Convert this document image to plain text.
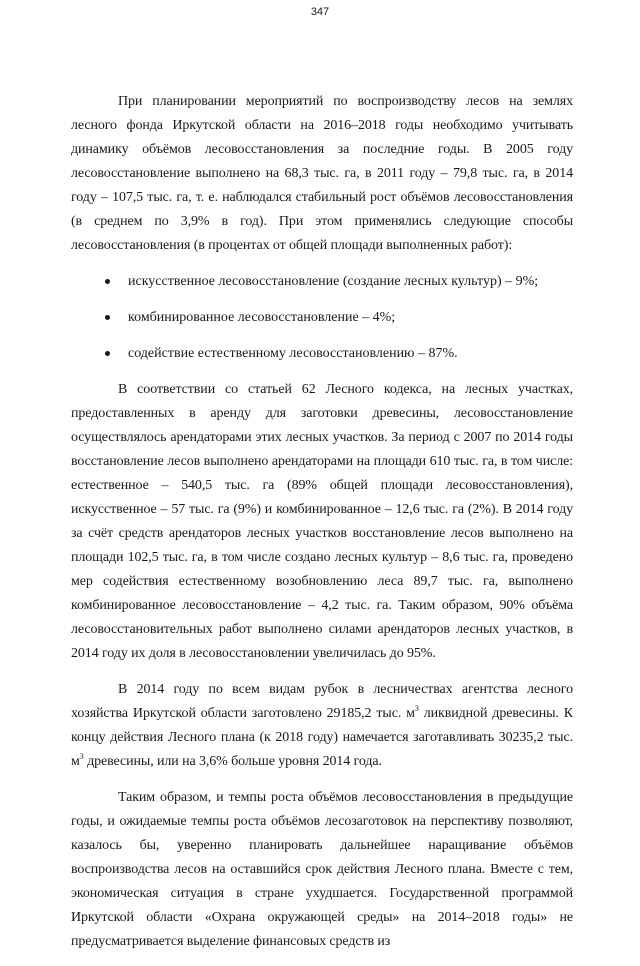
347

При планировании мероприятий по воспроизводству лесов на землях лесного фонда Иркутской области на 2016–2018 годы необходимо учитывать динамику объёмов лесовосстановления за последние годы. В 2005 году лесовосстановление выполнено на 68,3 тыс. га, в 2011 году – 79,8 тыс. га, в 2014 году – 107,5 тыс. га, т. е. наблюдался стабильный рост объёмов лесовосстановления (в среднем по 3,9% в год). При этом применялись следующие способы лесовосстановления (в процентах от общей площади выполненных работ):

искусственное лесовосстановление (создание лесных культур) – 9%;
комбинированное лесовосстановление – 4%;
содействие естественному лесовосстановлению – 87%.

В соответствии со статьей 62 Лесного кодекса, на лесных участках, предоставленных в аренду для заготовки древесины, лесовосстановление осуществлялось арендаторами этих лесных участков. За период с 2007 по 2014 годы восстановление лесов выполнено арендаторами на площади 610 тыс. га, в том числе: естественное – 540,5 тыс. га (89% общей площади лесовосстановления), искусственное – 57 тыс. га (9%) и комбинированное – 12,6 тыс. га (2%). В 2014 году за счёт средств арендаторов лесных участков восстановление лесов выполнено на площади 102,5 тыс. га, в том числе создано лесных культур – 8,6 тыс. га, проведено мер содействия естественному возобновлению леса 89,7 тыс. га, выполнено комбинированное лесовосстановление – 4,2 тыс. га. Таким образом, 90% объёма лесовосстановительных работ выполнено силами арендаторов лесных участков, в 2014 году их доля в лесовосстановлении увеличилась до 95%.

В 2014 году по всем видам рубок в лесничествах агентства лесного хозяйства Иркутской области заготовлено 29185,2 тыс. $м^3$ ликвидной древесины. К концу действия Лесного плана (к 2018 году) намечается заготавливать 30235,2 тыс. $м^3$ древесины, или на 3,6% больше уровня 2014 года.

Таким образом, и темпы роста объёмов лесовосстановления в предыдущие годы, и ожидаемые темпы роста объёмов лесозаготовок на перспективу позволяют, казалось бы, уверенно планировать дальнейшее наращивание объёмов воспроизводства лесов на оставшийся срок действия Лесного плана. Вместе с тем, экономическая ситуация в стране ухудшается. Государственной программой Иркутской области «Охрана окружающей среды» на 2014–2018 годы» не предусматривается выделение финансовых средств из
